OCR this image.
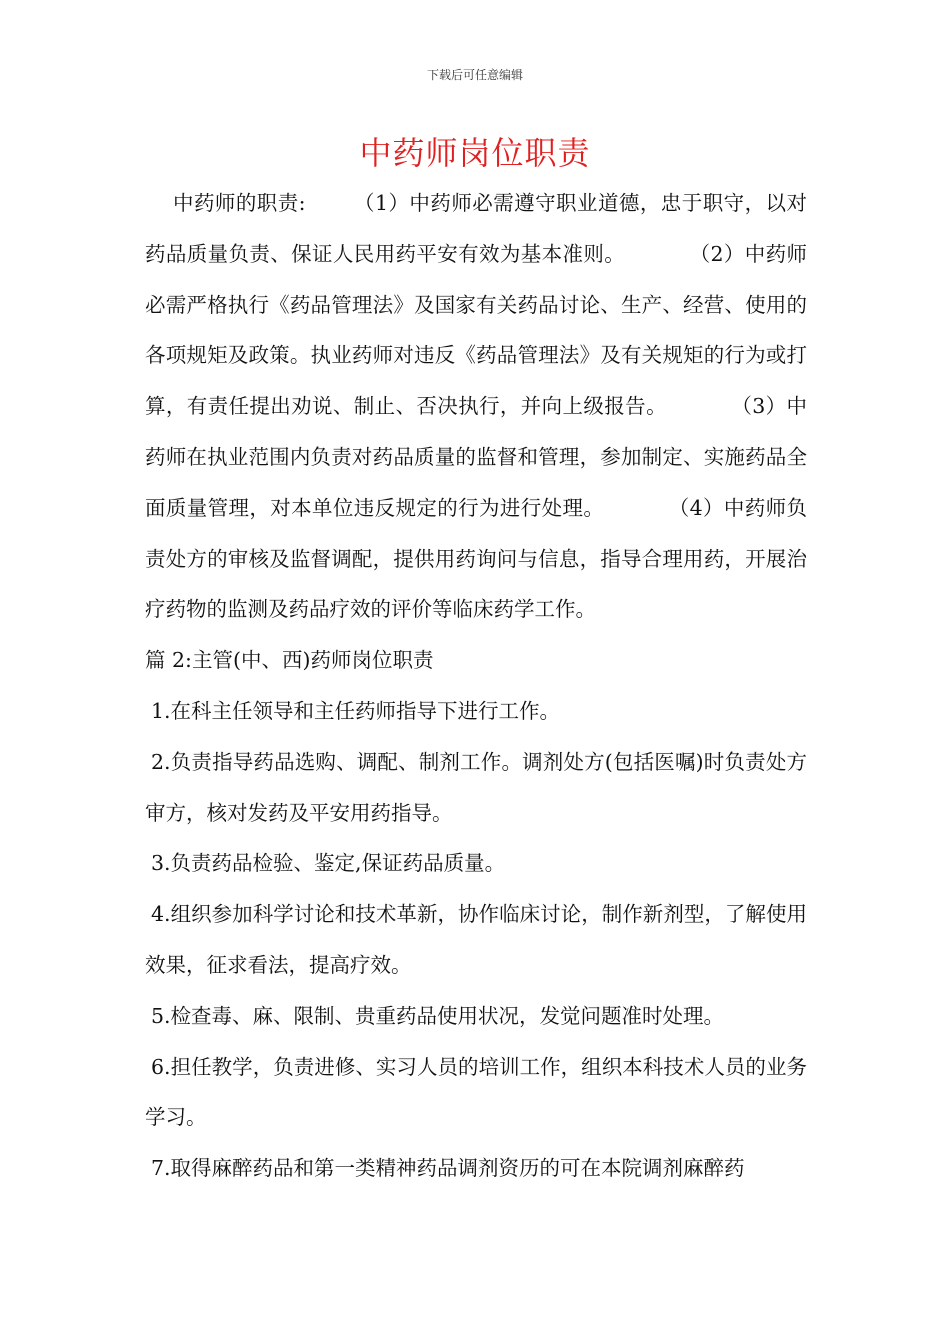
下载后可任意编辑
中药师岗位职责

中药师的职责: （1）中药师必需遵守职业道德，忠于职守，以对药品质量负责、保证人民用药平安有效为基本准则。	（2）中药师必需严格执行《药品管理法》及国家有关药品讨论、生产、经营、使用的各项规矩及政策。执业药师对违反《药品管理法》及有关规矩的行为或打算，有责任提出劝说、制止、否决执行，并向上级报告。	（3）中药师在执业范围内负责对药品质量的监督和管理，参加制定、实施药品全面质量管理，对本单位违反规定的行为进行处理。	（4）中药师负责处方的审核及监督调配，提供用药询问与信息，指导合理用药，开展治疗药物的监测及药品疗效的评价等临床药学工作。

篇 2:主管(中、西)药师岗位职责

1.在科主任领导和主任药师指导下进行工作。

2.负责指导药品选购、调配、制剂工作。调剂处方(包括医嘱)时负责处方审方，核对发药及平安用药指导。

3.负责药品检验、鉴定,保证药品质量。

4.组织参加科学讨论和技术革新，协作临床讨论，制作新剂型，了解使用效果，征求看法，提高疗效。

5.检查毒、麻、限制、贵重药品使用状况，发觉问题准时处理。

6.担任教学，负责进修、实习人员的培训工作，组织本科技术人员的业务学习。

7.取得麻醉药品和第一类精神药品调剂资历的可在本院调剂麻醉药
